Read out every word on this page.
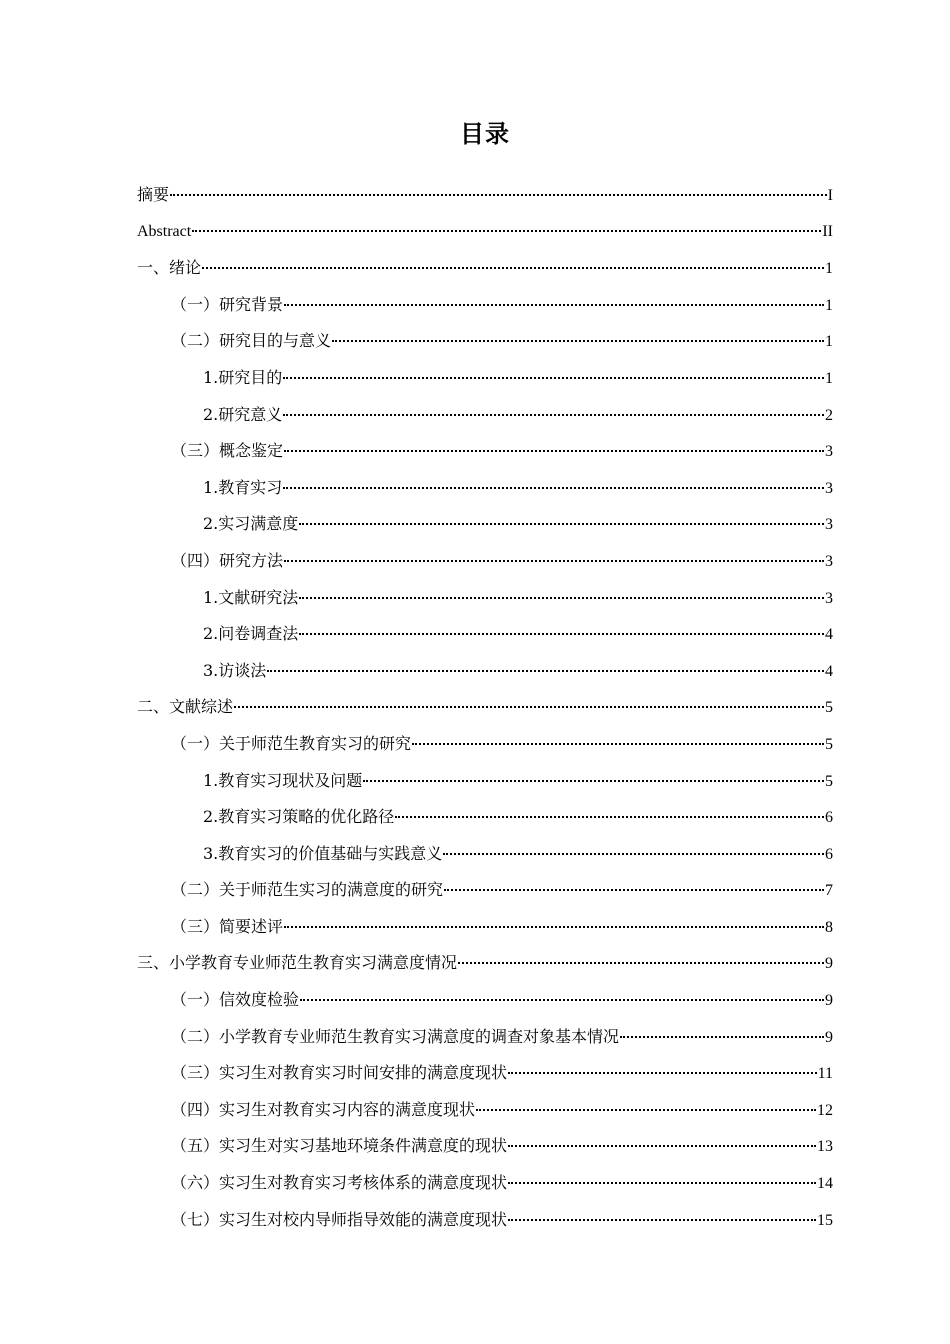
目录
摘要	I
Abstract	II
一、绪论	1
（一）研究背景	1
（二）研究目的与意义	1
1.研究目的	1
2.研究意义	2
（三）概念鉴定	3
1.教育实习	3
2.实习满意度	3
（四）研究方法	3
1.文献研究法	3
2.问卷调查法	4
3.访谈法	4
二、文献综述	5
（一）关于师范生教育实习的研究	5
1.教育实习现状及问题	5
2.教育实习策略的优化路径	6
3.教育实习的价值基础与实践意义	6
（二）关于师范生实习的满意度的研究	7
（三）简要述评	8
三、小学教育专业师范生教育实习满意度情况	9
（一）信效度检验	9
（二）小学教育专业师范生教育实习满意度的调查对象基本情况	9
（三）实习生对教育实习时间安排的满意度现状	11
（四）实习生对教育实习内容的满意度现状	12
（五）实习生对实习基地环境条件满意度的现状	13
（六）实习生对教育实习考核体系的满意度现状	14
（七）实习生对校内导师指导效能的满意度现状	15
